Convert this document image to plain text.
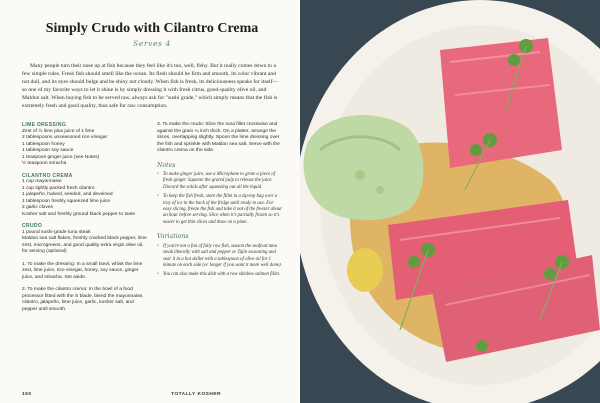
Simply Crudo with Cilantro Crema
Serves 4

Many people turn their nose up at fish because they feel like it's too, well, fishy. But it really comes down to a few simple rules. Fresh fish should smell like the ocean. Its flesh should be firm and smooth, its color vibrant and not dull, and its eyes should bulge and be shiny not cloudy. When fish is fresh, its deliciousness speaks for itself—so one of my favorite ways to let it shine is by simply dressing it with fresh citrus, good-quality olive oil, and Maldon salt. When buying fish to be served raw, always ask for "sushi grade," which simply means that the fish is extremely fresh and good quality, thus safe for raw consumption.

LIME DRESSING
Zest of ½ lime plus juice of 1 lime
2 tablespoons unseasoned rice vinegar
1 tablespoon honey
1 tablespoon soy sauce
1 teaspoon ginger juice (see Notes)
½ teaspoon sriracha
CILANTRO CREMA
1 cup mayonnaise
1 cup tightly packed fresh cilantro
1 jalapeño, halved, seeded, and deveined
1 tablespoon freshly squeezed lime juice
2 garlic cloves
Kosher salt and freshly ground black pepper to taste
CRUDO
1 pound sushi-grade tuna steak
Maldon sea salt flakes, freshly cracked black pepper, lime zest, microgreens, and good quality extra virgin olive oil, for serving (optional)

1. To make the dressing: In a small bowl, whisk the lime zest, lime juice, rice vinegar, honey, soy sauce, ginger juice, and sriracha. Set aside.

2. To make the cilantro crema: In the bowl of a food processor fitted with the S blade, blend the mayonnaise, cilantro, jalapeño, lime juice, garlic, kosher salt, and pepper until smooth.

3. To make the crudo: Slice the tuna fillet crosswise and against the grain ¼ inch thick. On a platter, arrange the slices, overlapping slightly. Spoon the lime dressing over the fish and sprinkle with Maldon sea salt. Serve with the cilantro crema on the side.

Notes
• To make ginger juice, use a Microplane to grate a piece of fresh ginger. Squeeze the grated pulp to release the juice. Discard the solids after squeezing out all the liquid.
• To keep the fish fresh, store the fillet in a zip-top bag over a tray of ice in the back of the fridge until ready to use. For easy slicing, freeze the fish and take it out of the freezer about an hour before serving. Slice when it's partially frozen so it's easier to get thin slices and thaw on a plate.
Variations
• If you're not a fan of fully raw fish, season the seafood tuna steak liberally with salt and pepper or Tajin seasoning and sear it in a hot skillet with a tablespoon of olive oil for 1 minute on each side (or longer if you want it more well done).
• You can also make this dish with a raw skinless salmon fillet.
150	TOTALLY KOSHER
